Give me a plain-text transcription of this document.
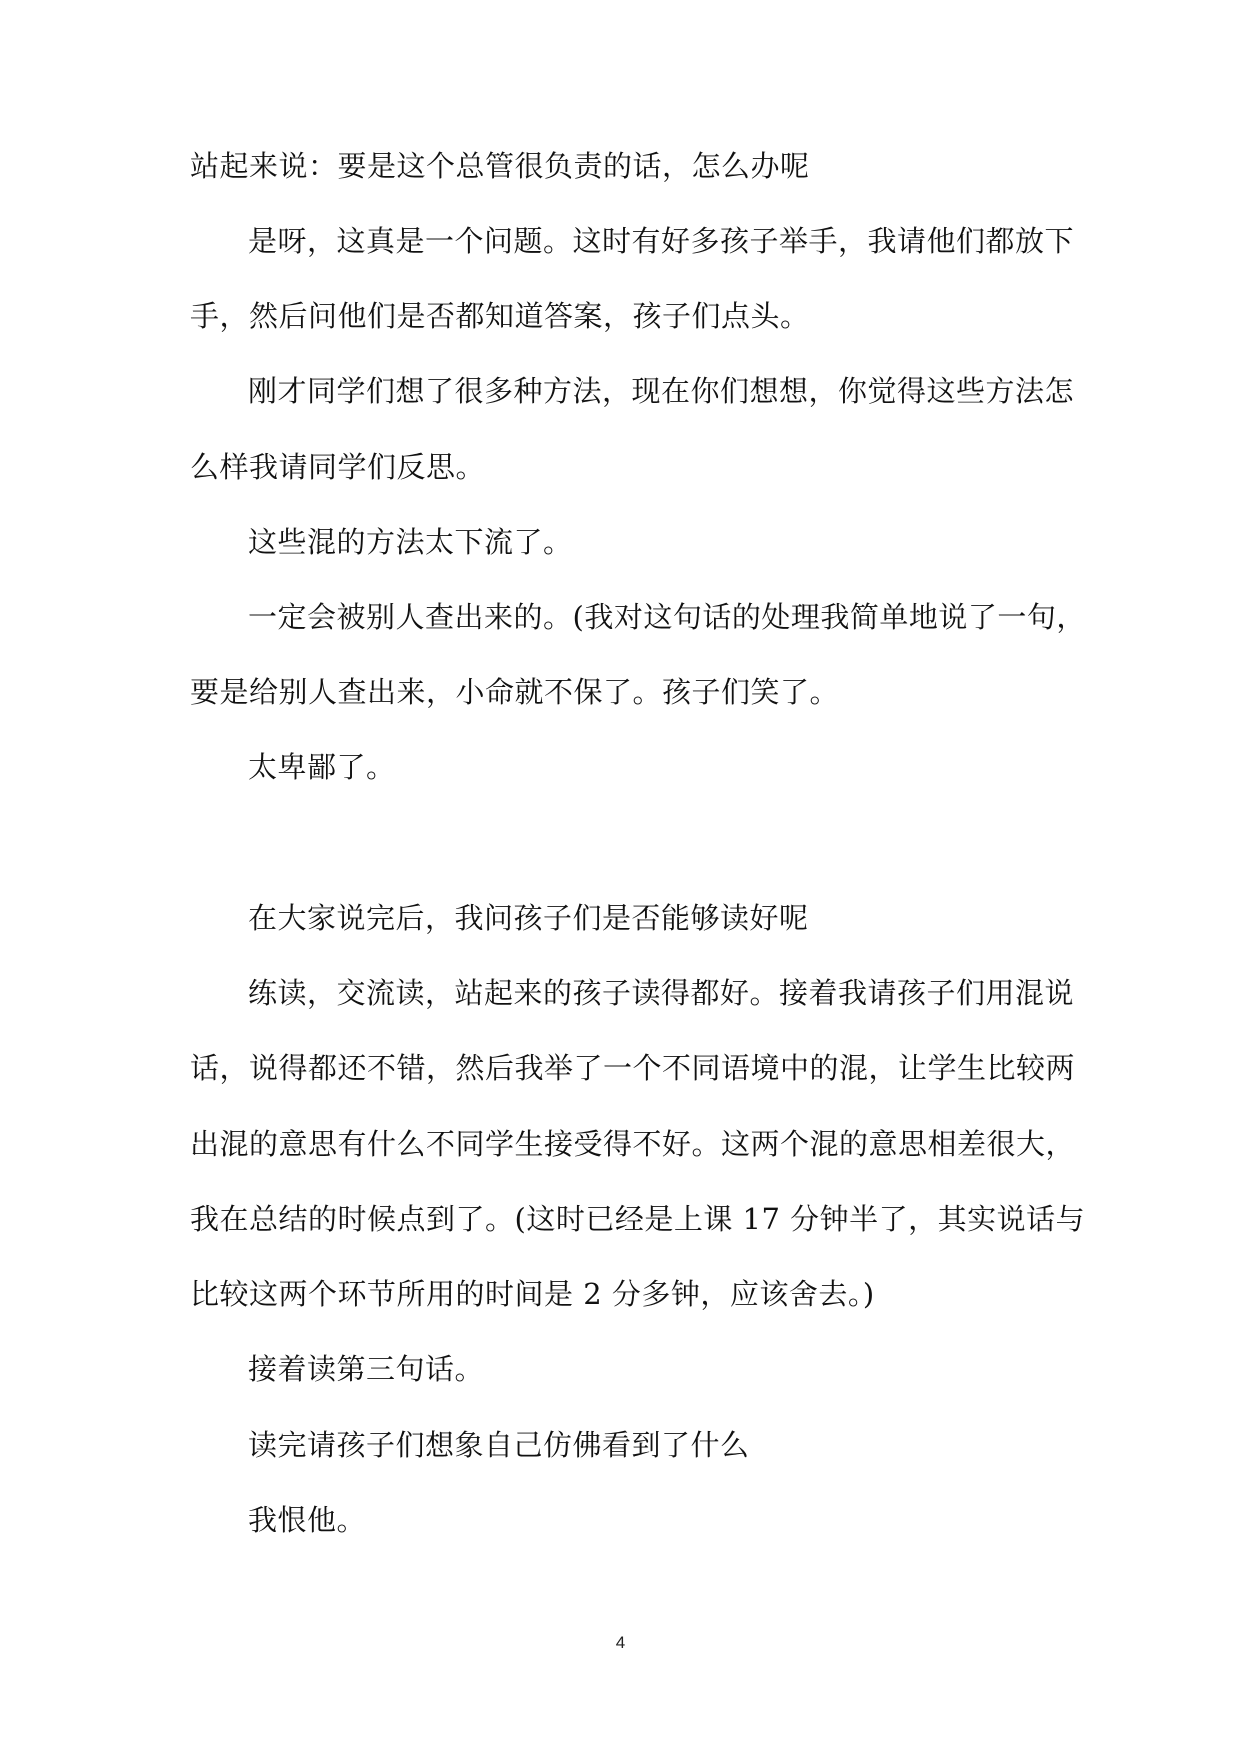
站起来说：要是这个总管很负责的话，怎么办呢
是呀，这真是一个问题。这时有好多孩子举手，我请他们都放下
手，然后问他们是否都知道答案，孩子们点头。
刚才同学们想了很多种方法，现在你们想想，你觉得这些方法怎
么样我请同学们反思。
这些混的方法太下流了。
一定会被别人查出来的。(我对这句话的处理我简单地说了一句，
要是给别人查出来，小命就不保了。孩子们笑了。
太卑鄙了。
在大家说完后，我问孩子们是否能够读好呢
练读，交流读，站起来的孩子读得都好。接着我请孩子们用混说
话，说得都还不错，然后我举了一个不同语境中的混，让学生比较两
出混的意思有什么不同学生接受得不好。这两个混的意思相差很大，
我在总结的时候点到了。(这时已经是上课 17 分钟半了，其实说话与
比较这两个环节所用的时间是 2 分多钟，应该舍去。)
接着读第三句话。
读完请孩子们想象自己仿佛看到了什么
我恨他。
4
